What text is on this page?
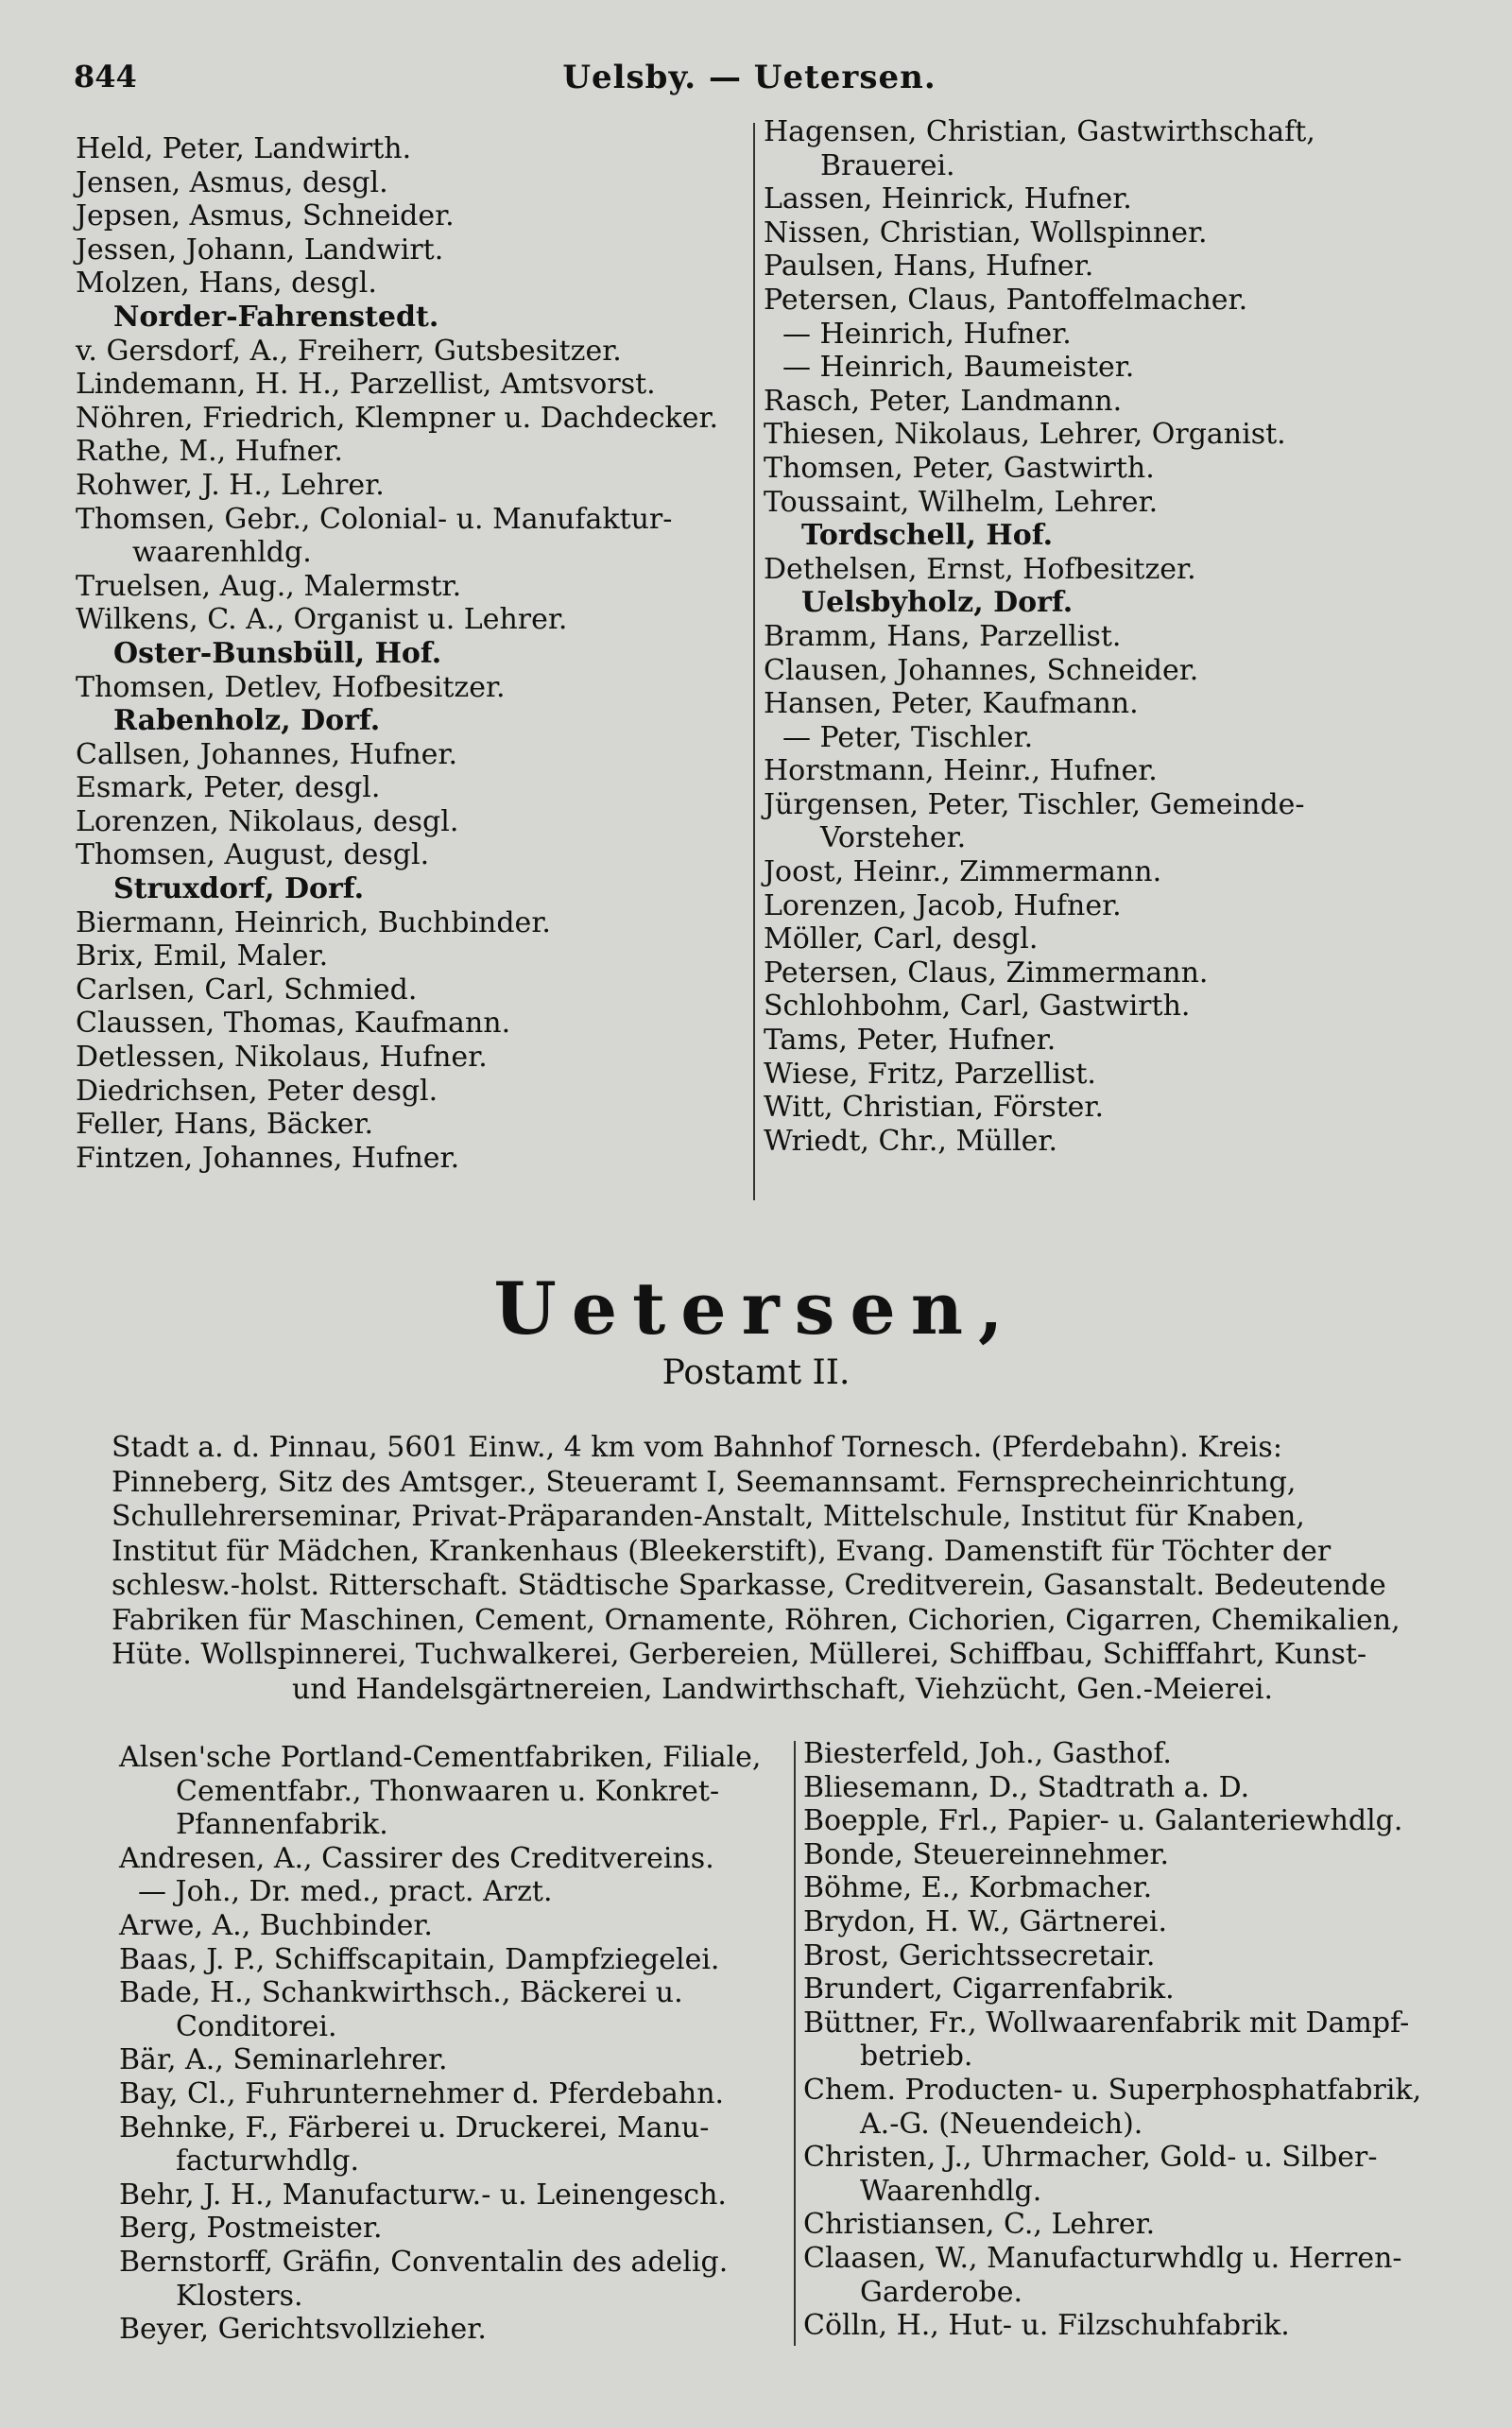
844	Uelsby. — Uetersen.
Held, Peter, Landwirth.
Jensen, Asmus, desgl.
Jepsen, Asmus, Schneider.
Jessen, Johann, Landwirt.
Molzen, Hans, desgl.
Norder-Fahrenstedt.
v. Gersdorf, A., Freiherr, Gutsbesitzer.
Lindemann, H. H., Parzellist, Amtsvorst.
Nöhren, Friedrich, Klempner u. Dachdecker.
Rathe, M., Hufner.
Rohwer, J. H., Lehrer.
Thomsen, Gebr., Colonial- u. Manufaktur-
waarenhldg.
Truelsen, Aug., Malermstr.
Wilkens, C. A., Organist u. Lehrer.
Oster-Bunsbüll, Hof.
Thomsen, Detlev, Hofbesitzer.
Rabenholz, Dorf.
Callsen, Johannes, Hufner.
Esmark, Peter, desgl.
Lorenzen, Nikolaus, desgl.
Thomsen, August, desgl.
Struxdorf, Dorf.
Biermann, Heinrich, Buchbinder.
Brix, Emil, Maler.
Carlsen, Carl, Schmied.
Claussen, Thomas, Kaufmann.
Detlessen, Nikolaus, Hufner.
Diedrichsen, Peter desgl.
Feller, Hans, Bäcker.
Fintzen, Johannes, Hufner.
Hagensen, Christian, Gastwirthschaft,
Brauerei.
Lassen, Heinrick, Hufner.
Nissen, Christian, Wollspinner.
Paulsen, Hans, Hufner.
Petersen, Claus, Pantoffelmacher.
— Heinrich, Hufner.
— Heinrich, Baumeister.
Rasch, Peter, Landmann.
Thiesen, Nikolaus, Lehrer, Organist.
Thomsen, Peter, Gastwirth.
Toussaint, Wilhelm, Lehrer.
Tordschell, Hof.
Dethelsen, Ernst, Hofbesitzer.
Uelsbyholz, Dorf.
Bramm, Hans, Parzellist.
Clausen, Johannes, Schneider.
Hansen, Peter, Kaufmann.
— Peter, Tischler.
Horstmann, Heinr., Hufner.
Jürgensen, Peter, Tischler, Gemeinde-
Vorsteher.
Joost, Heinr., Zimmermann.
Lorenzen, Jacob, Hufner.
Möller, Carl, desgl.
Petersen, Claus, Zimmermann.
Schlohbohm, Carl, Gastwirth.
Tams, Peter, Hufner.
Wiese, Fritz, Parzellist.
Witt, Christian, Förster.
Wriedt, Chr., Müller.
Uetersen,
Postamt II.
Stadt a. d. Pinnau, 5601 Einw., 4 km vom Bahnhof Tornesch. (Pferdebahn). Kreis:
Pinneberg, Sitz des Amtsger., Steueramt I, Seemannsamt. Fernsprecheinrichtung,
Schullehrerseminar, Privat-Präparanden-Anstalt, Mittelschule, Institut für Knaben,
Institut für Mädchen, Krankenhaus (Bleekerstift), Evang. Damenstift für Töchter der
schlesw.-holst. Ritterschaft. Städtische Sparkasse, Creditverein, Gasanstalt. Bedeutende
Fabriken für Maschinen, Cement, Ornamente, Röhren, Cichorien, Cigarren, Chemikalien,
Hüte. Wollspinnerei, Tuchwalkerei, Gerbereien, Müllerei, Schiffbau, Schifffahrt, Kunst-
und Handelsgärtnereien, Landwirthschaft, Viehzücht, Gen.-Meierei.
Alsen'sche Portland-Cementfabriken, Filiale,
Cementfabr., Thonwaaren u. Konkret-
Pfannenfabrik.
Andresen, A., Cassirer des Creditvereins.
— Joh., Dr. med., pract. Arzt.
Arwe, A., Buchbinder.
Baas, J. P., Schiffscapitain, Dampfziegelei.
Bade, H., Schankwirthsch., Bäckerei u.
Conditorei.
Bär, A., Seminarlehrer.
Bay, Cl., Fuhrunternehmer d. Pferdebahn.
Behnke, F., Färberei u. Druckerei, Manu-
facturwhdlg.
Behr, J. H., Manufacturw.- u. Leinengesch.
Berg, Postmeister.
Bernstorff, Gräfin, Conventalin des adelig.
Klosters.
Beyer, Gerichtsvollzieher.
Biesterfeld, Joh., Gasthof.
Bliesemann, D., Stadtrath a. D.
Boepple, Frl., Papier- u. Galanteriewhdlg.
Bonde, Steuereinnehmer.
Böhme, E., Korbmacher.
Brydon, H. W., Gärtnerei.
Brost, Gerichtssecretair.
Brundert, Cigarrenfabrik.
Büttner, Fr., Wollwaarenfabrik mit Dampf-
betrieb.
Chem. Producten- u. Superphosphatfabrik,
A.-G. (Neuendeich).
Christen, J., Uhrmacher, Gold- u. Silber-
Waarenhdlg.
Christiansen, C., Lehrer.
Claasen, W., Manufacturwhdlg u. Herren-
Garderobe.
Cölln, H., Hut- u. Filzschuhfabrik.
